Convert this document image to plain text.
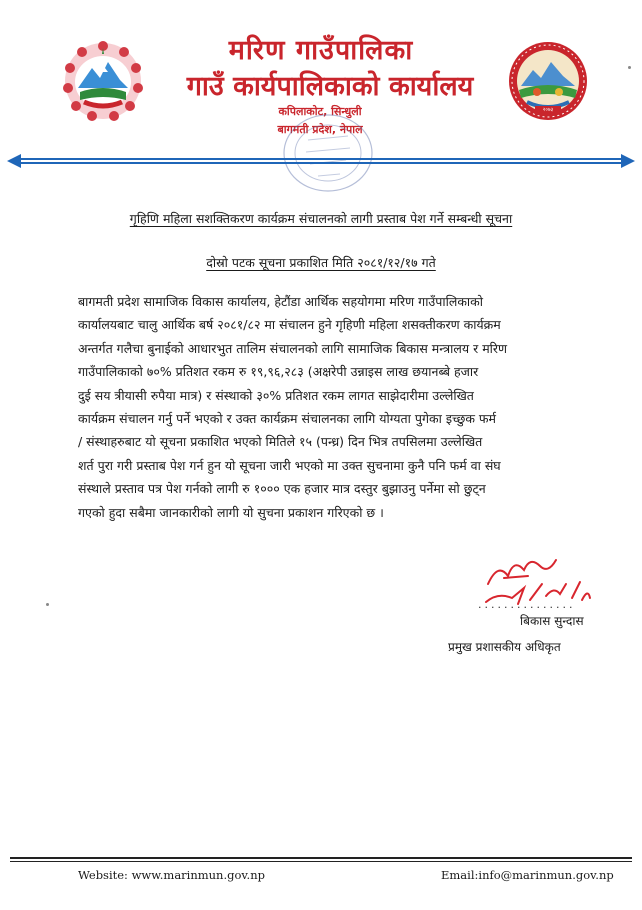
मरिण गाउँपालिका
गाउँ कार्यपालिकाको कार्यालय
२०७३
कपिलाकोट, सिन्धुली
बागमती प्रदेश, नेपाल
गृहिणि महिला सशक्तिकरण कार्यक्रम संचालनको लागी प्रस्ताब पेश गर्ने सम्बन्धी सूचना
दोस्रो पटक सूचना प्रकाशित मिति २०८१/१२/१७ गते
बागमती प्रदेश सामाजिक विकास कार्यालय, हेटौंडा आर्थिक सहयोगमा मरिण गाउँपालिकाको
कार्यालयबाट चालु आर्थिक बर्ष २०८१/८२ मा संचालन हुने गृहिणी महिला शसक्तीकरण कार्यक्रम
अन्तर्गत गलैचा बुनाईको आधारभुत तालिम संचालनको लागि सामाजिक बिकास मन्त्रालय र मरिण
गाउँपालिकाको ७०% प्रतिशत रकम रु १९,९६,२८३ (अक्षरेपी उन्नाइस लाख छयानब्बे हजार
दुई सय त्रीयासी रुपैया मात्र) र संस्थाको ३०% प्रतिशत रकम लागत साझेदारीमा उल्लेखित
कार्यक्रम संचालन गर्नु पर्ने भएको र उक्त कार्यक्रम संचालनका लागि योग्यता पुगेका इच्छुक फर्म
/ संस्थाहरुबाट यो सूचना प्रकाशित भएको मितिले १५ (पन्ध्र) दिन भित्र तपसिलमा उल्लेखित
शर्त पुरा गरी प्रस्ताब पेश गर्न हुन यो सूचना जारी भएको मा उक्त सुचनामा कुनै पनि फर्म वा संघ
संस्थाले प्रस्ताव पत्र पेश गर्नको लागी रु १००० एक हजार मात्र दस्तुर बुझाउनु पर्नेमा सो छुट्न
गएको हुदा सबैमा जानकारीको लागी यो सुचना प्रकाशन गरिएको छ ।
...............
बिकास सुन्दास
प्रमुख प्रशासकीय अधिकृत
Website: www.marinmun.gov.np	Email:info@marinmun.gov.np
